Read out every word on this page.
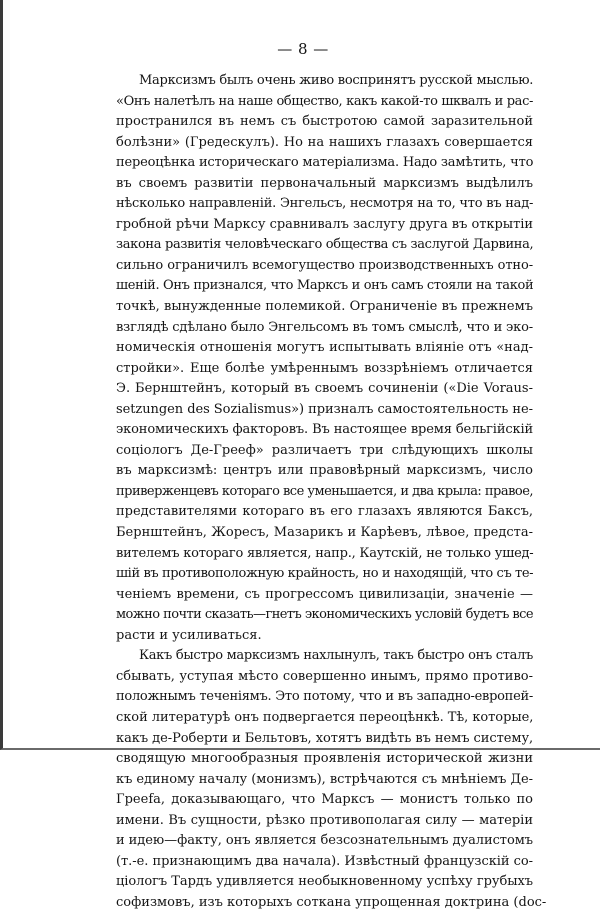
— 8 —

Марксизмъ былъ очень живо воспринятъ русской мыслью.
«Онъ налетѣлъ на наше общество, какъ какой-то шквалъ и рас-
пространился въ немъ съ быстротою самой заразительной
болѣзни» (Гредескулъ). Но на нашихъ глазахъ совершается
переоцѣнка историческаго матеріализма. Надо замѣтить, что
въ своемъ развитіи первоначальный марксизмъ выдѣлилъ
нѣсколько направленій. Энгельсъ, несмотря на то, что въ над-
гробной рѣчи Марксу сравнивалъ заслугу друга въ открытіи
закона развитія человѣческаго общества съ заслугой Дарвина,
сильно ограничилъ всемогущество производственныхъ отно-
шеній. Онъ признался, что Марксъ и онъ самъ стояли на такой
точкѣ, вынужденные полемикой. Ограниченіе въ прежнемъ
взглядѣ сдѣлано было Энгельсомъ въ томъ смыслѣ, что и эко-
номическія отношенія могутъ испытывать вліяніе отъ «над-
стройки». Еще болѣе умѣреннымъ воззрѣніемъ отличается
Э. Бернштейнъ, который въ своемъ сочиненіи («Die Voraus-
setzungen des Sozialismus») призналъ самостоятельность не-
экономическихъ факторовъ. Въ настоящее время бельгійскій
соціологъ Де-Грееф» различаетъ три слѣдующихъ школы
въ марксизмѣ: центръ или правовѣрный марксизмъ, число
приверженцевъ котораго все уменьшается, и два крыла: правое,
представителями котораго въ его глазахъ являются Баксъ,
Бернштейнъ, Жоресъ, Мазарикъ и Карѣевъ, лѣвое, предста-
вителемъ котораго является, напр., Каутскій, не только ушед-
шій въ противоположную крайность, но и находящій, что съ те-
ченіемъ времени, съ прогрессомъ цивилизаціи, значеніе —
можно почти сказать—гнетъ экономическихъ условій будетъ все
расти и усиливаться.

Какъ быстро марксизмъ нахлынулъ, такъ быстро онъ сталъ
сбывать, уступая мѣсто совершенно инымъ, прямо противо-
положнымъ теченіямъ. Это потому, что и въ западно-европей-
ской литературѣ онъ подвергается переоцѣнкѣ. Тѣ, которые,
какъ де-Роберти и Бельтовъ, хотятъ видѣть въ немъ систему,
сводящую многообразныя проявленія исторической жизни
къ единому началу (монизмъ), встрѣчаются съ мнѣніемъ Де-
Грееfа, доказывающаго, что Марксъ — монистъ только по
имени. Въ сущности, рѣзко противополагая силу — матеріи
и идею—факту, онъ является безсознательнымъ дуалистомъ
(т.-е. признающимъ два начала). Извѣстный французскій со-
ціологъ Тардъ удивляется необыкновенному успѣху грубыхъ
софизмовъ, изъ которыхъ соткана упрощенная доктрина (doc-
